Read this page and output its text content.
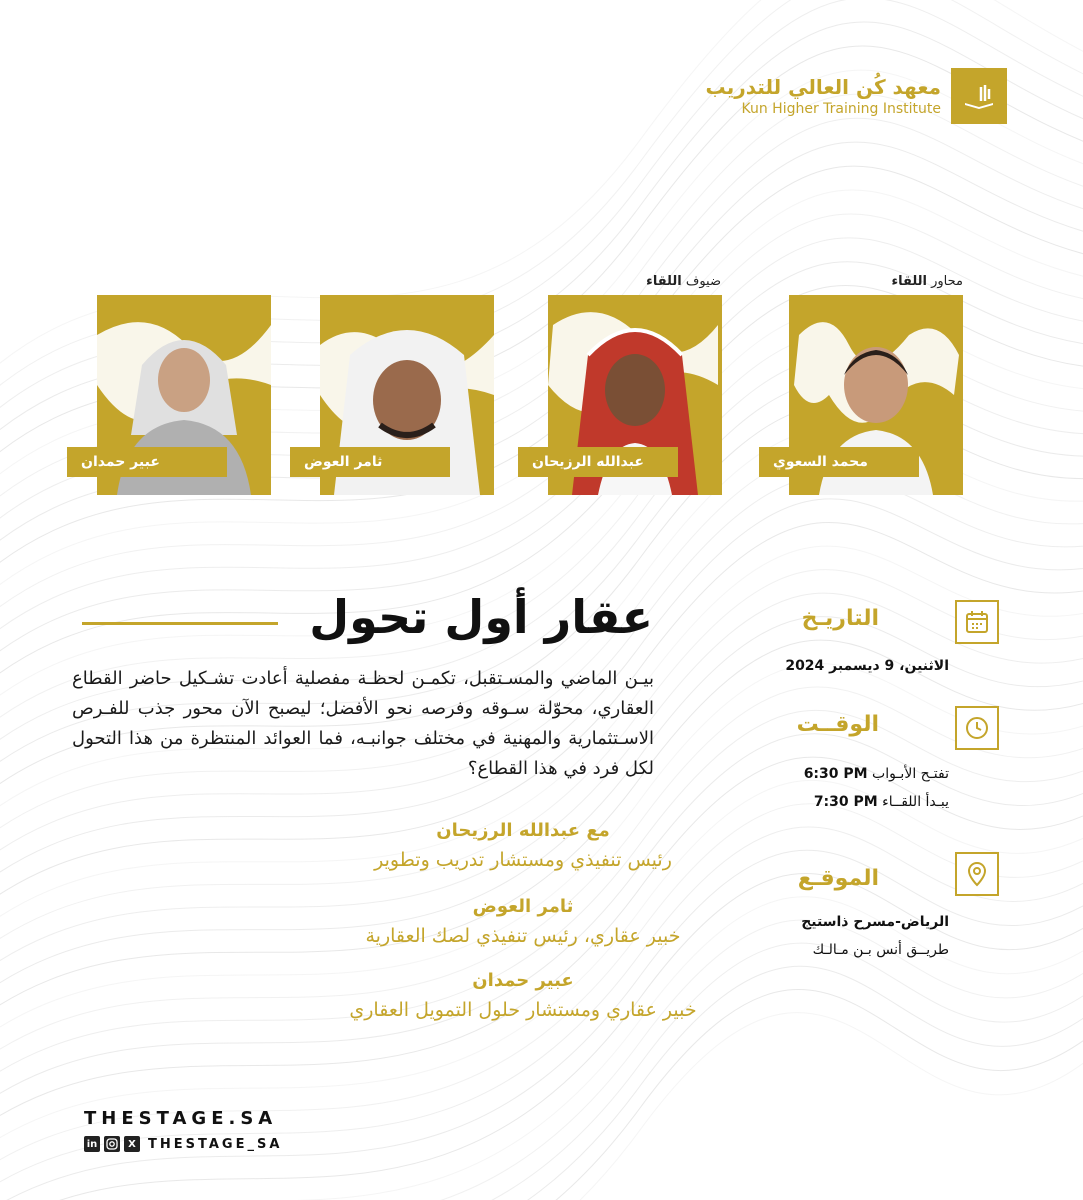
معهد كُن العالي للتدريب
Kun Higher Training Institute
محاور اللقاء
ضيوف اللقاء
محمد السعوي
عبدالله الرزيحان
ثامر العوض
عبير حمدان
عقار أول تحول
بيـن الماضي والمسـتقبل، تكمـن لحظـة مفصلية أعادت تشـكيل حاضر القطاع العقاري، محوّلة سـوقه وفرصه نحو الأفضل؛ ليصبح الآن محور جذب للفـرص الاسـتثمارية والمهنية في مختلف جوانبـه، فما العوائد المنتظرة من هذا التحول لكل فرد في هذا القطاع؟
مع عبدالله الرزيحان
رئيس تنفيذي ومستشار تدريب وتطوير
ثامر العوض
خبير عقاري، رئيس تنفيذي لصك العقارية
عبير حمدان
خبير عقاري ومستشار حلول التمويل العقاري
التاريـخ
الاثنين، 9 ديسمبر 2024
الوقــت
تفتـح الأبـواب 6:30 PM
يبـدأ اللقــاء 7:30 PM
الموقـع
الرياض-مسرح ذاستيج
طريــق أنس بـن مـالـك
THESTAGE.SA
in	X THESTAGE_SA
